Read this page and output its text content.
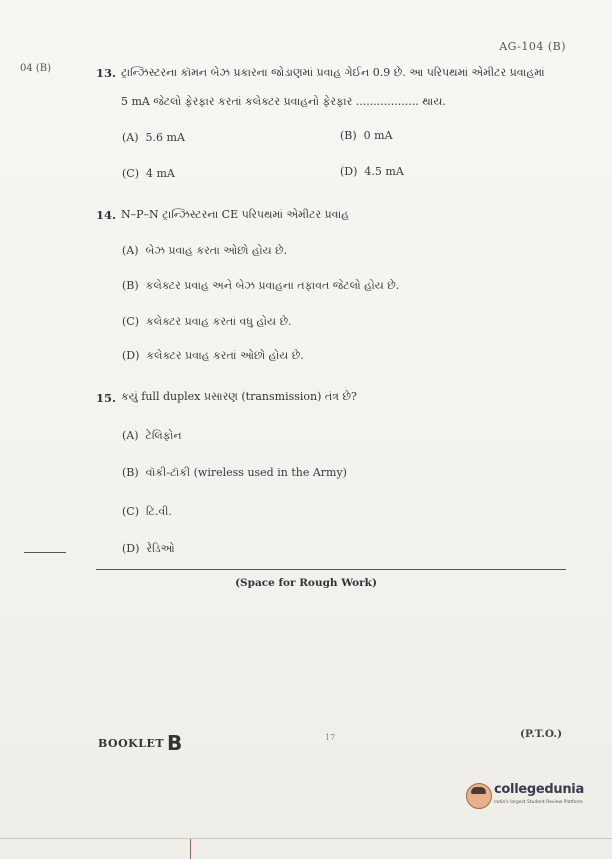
AG-104 (B)
04 (B)	13. ટ્રાન્ઝિસ્ટરના કૉમન બેઝ પ્રકારના જોડાણમાં પ્રવાહ ગેઈન 0.9 છે. આ પરિપથમાં એમીટર પ્રવાહમાં
5 mA જેટલો ફેરફાર કરતાં કલેક્ટર પ્રવાહનો ફેરફાર .................. થાય.
(A) 5.6 mA	(B) 0 mA
(C) 4 mA	(D) 4.5 mA
14. N–P–N ટ્રાન્ઝિસ્ટરના CE પરિપથમાં એમીટર પ્રવાહ
(A) બેઝ પ્રવાહ કરતા ઓછો હોય છે.
(B) કલેક્ટર પ્રવાહ અને બેઝ પ્રવાહના તફાવત જેટલો હોય છે.
(C) કલેક્ટર પ્રવાહ કરતાં વધુ હોય છે.
(D) કલેક્ટર પ્રવાહ કરતાં ઓછો હોય છે.
15. કયું full duplex પ્રસારણ (transmission) તંત્ર છે?
(A) ટેલિફોન
(B) વૉકી-ટૉકી (wireless used in the Army)
(C) ટિ.વી.
(D) રેડિઓ
(Space for Rough Work)
BOOKLET B	17	(P.T.O.)
collegedunia
India's largest Student Review Platform
